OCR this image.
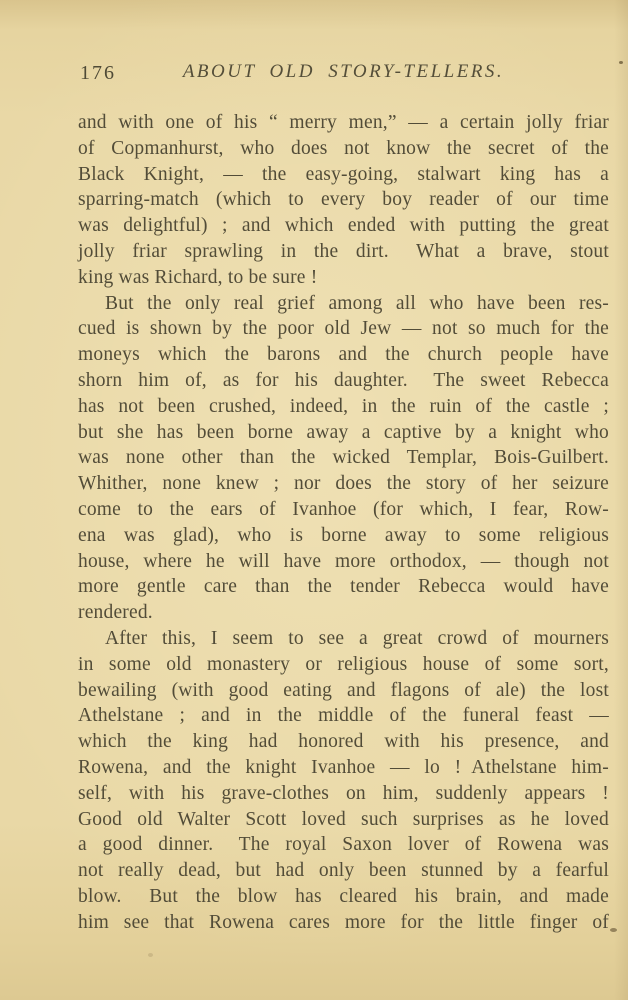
176	ABOUT OLD STORY-TELLERS.
and with one of his “ merry men,” — a certain jolly friar
of Copmanhurst, who does not know the secret of the
Black Knight, — the easy-going, stalwart king has a
sparring-match (which to every boy reader of our time
was delightful) ; and which ended with putting the great
jolly friar sprawling in the dirt.  What a brave, stout
king was Richard, to be sure !
But the only real grief among all who have been res-
cued is shown by the poor old Jew — not so much for the
moneys which the barons and the church people have
shorn him of, as for his daughter.  The sweet Rebecca
has not been crushed, indeed, in the ruin of the castle ;
but she has been borne away a captive by a knight who
was none other than the wicked Templar, Bois-Guilbert.
Whither, none knew ; nor does the story of her seizure
come to the ears of Ivanhoe (for which, I fear, Row-
ena was glad), who is borne away to some religious
house, where he will have more orthodox, — though not
more gentle care than the tender Rebecca would have
rendered.
After this, I seem to see a great crowd of mourners
in some old monastery or religious house of some sort,
bewailing (with good eating and flagons of ale) the lost
Athelstane ; and in the middle of the funeral feast —
which the king had honored with his presence, and
Rowena, and the knight Ivanhoe — lo ! Athelstane him-
self, with his grave-clothes on him, suddenly appears !
Good old Walter Scott loved such surprises as he loved
a good dinner.  The royal Saxon lover of Rowena was
not really dead, but had only been stunned by a fearful
blow.  But the blow has cleared his brain, and made
him see that Rowena cares more for the little finger of
